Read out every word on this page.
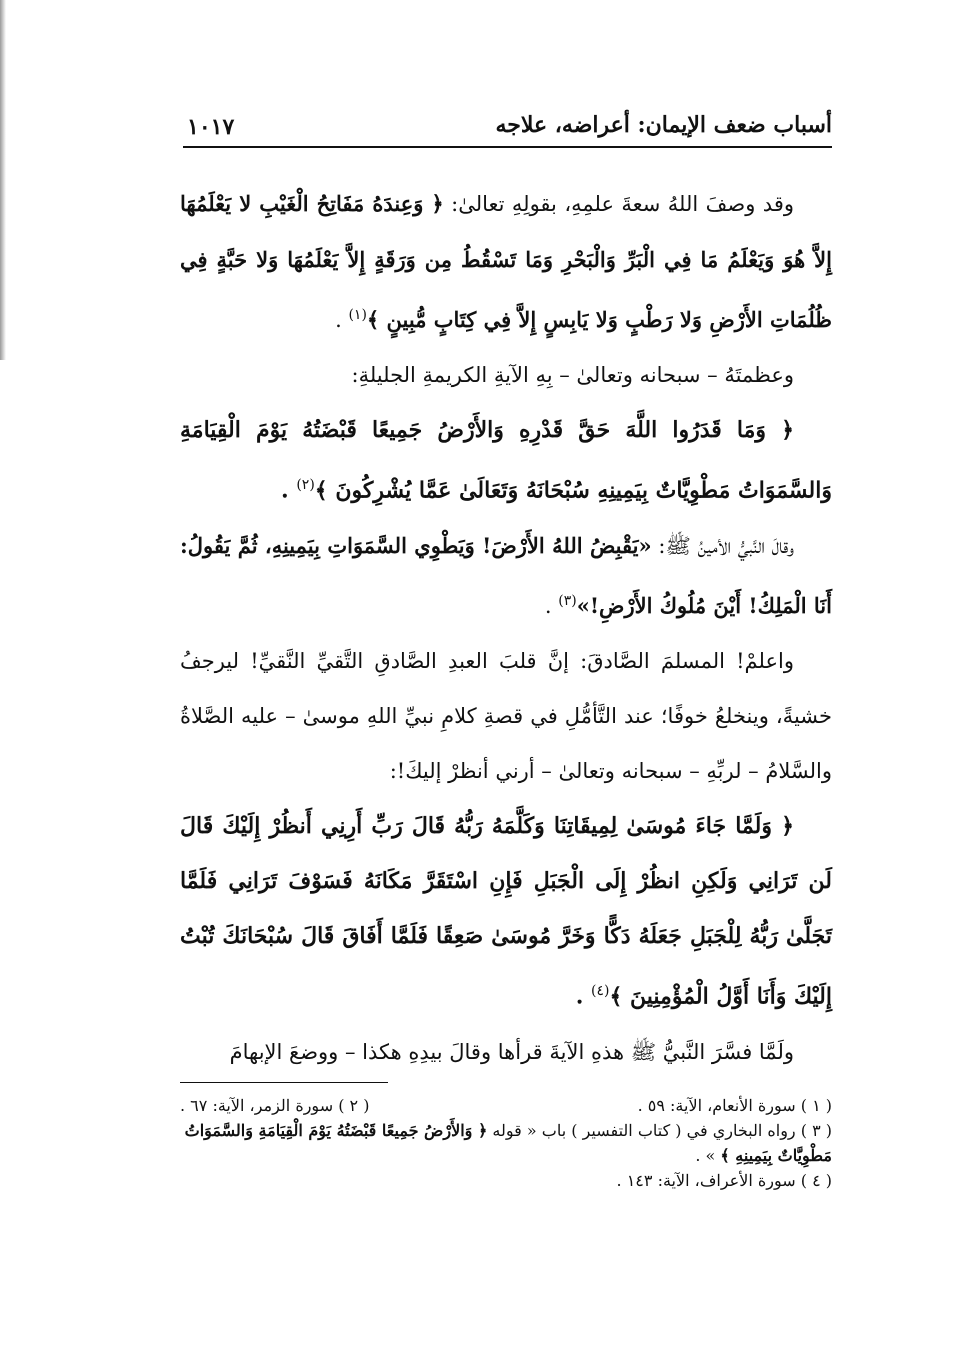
أسباب ضعف الإيمان: أعراضه، علاجه
١٠١٧

وقد وصفَ اللهُ سعةَ علمِهِ، بقولِهِ تعالىٰ: ﴿ وَعِندَهُ مَفَاتِحُ الْغَيْبِ لا يَعْلَمُهَا إِلاَّ هُوَ وَيَعْلَمُ مَا فِي الْبَرِّ وَالْبَحْرِ وَمَا تَسْقُطُ مِن وَرَقَةٍ إِلاَّ يَعْلَمُهَا وَلا حَبَّةٍ فِي ظُلُمَاتِ الأَرْضِ وَلا رَطْبٍ وَلا يَابِسٍ إِلاَّ فِي كِتَابٍ مُّبِينٍ ﴾$^{(١)}$ .

وعظمتَهُ – سبحانه وتعالىٰ – بِهِ الآيةِ الكريمةِ الجليلةِ:

﴿ وَمَا قَدَرُوا اللَّهَ حَقَّ قَدْرِهِ وَالأَرْضُ جَمِيعًا قَبْضَتُهُ يَوْمَ الْقِيَامَةِ وَالسَّمَوَاتُ مَطْوِيَّاتٌ بِيَمِينِهِ سُبْحَانَهُ وَتَعَالَىٰ عَمَّا يُشْرِكُونَ ﴾$^{(٢)}$ .

وقالَ النَّبيُّ الأمينُ ﷺ: «يَقْبِضُ اللهُ الأَرْضَ! وَيَطْوِي السَّمَوَاتِ بِيَمِينِهِ، ثُمَّ يَقُولُ: أَنَا الْمَلِكُ! أَيْنَ مُلُوكُ الأَرْضِ!»$^{(٣)}$ .

واعلمْ! المسلمَ الصَّادقَ: إنَّ قلبَ العبدِ الصَّادقِ التَّقيِّ النَّقيِّ! ليرجفُ خشيةً، وينخلعُ خوفًا؛ عند التَّأمُّلِ في قصةِ كلامِ نبيِّ اللهِ موسىٰ – عليه الصَّلاةُ والسَّلامُ – لربِّهِ – سبحانه وتعالىٰ – أرني أنظرْ إليكَ!:

﴿ وَلَمَّا جَاءَ مُوسَىٰ لِمِيقَاتِنَا وَكَلَّمَهُ رَبُّهُ قَالَ رَبِّ أَرِنِي أَنظُرْ إِلَيْكَ قَالَ لَن تَرَانِي وَلَكِنِ انظُرْ إِلَى الْجَبَلِ فَإِنِ اسْتَقَرَّ مَكَانَهُ فَسَوْفَ تَرَانِي فَلَمَّا تَجَلَّىٰ رَبُّهُ لِلْجَبَلِ جَعَلَهُ دَكًّا وَخَرَّ مُوسَىٰ صَعِقًا فَلَمَّا أَفَاقَ قَالَ سُبْحَانَكَ تُبْتُ إِلَيْكَ وَأَنَا أَوَّلُ الْمُؤْمِنِينَ ﴾$^{(٤)}$ .

ولَمَّا فسَّرَ النَّبيُّ ﷺ هذهِ الآيةَ قرأها وقالَ بيدِهِ هكذا – ووضعَ الإبهامَ

( ١ ) سورة الأنعام، الآية: ٥٩ .
( ٢ ) سورة الزمر، الآية: ٦٧ .

( ٣ ) رواه البخاري في ( كتاب التفسير ) باب « قوله ﴿ وَالأَرْضُ جَمِيعًا قَبْضَتُهُ يَوْمَ الْقِيَامَةِ وَالسَّمَوَاتُ مَطْوِيَّاتٌ بِيَمِينِهِ ﴾ » .

( ٤ ) سورة الأعراف، الآية: ١٤٣ .
